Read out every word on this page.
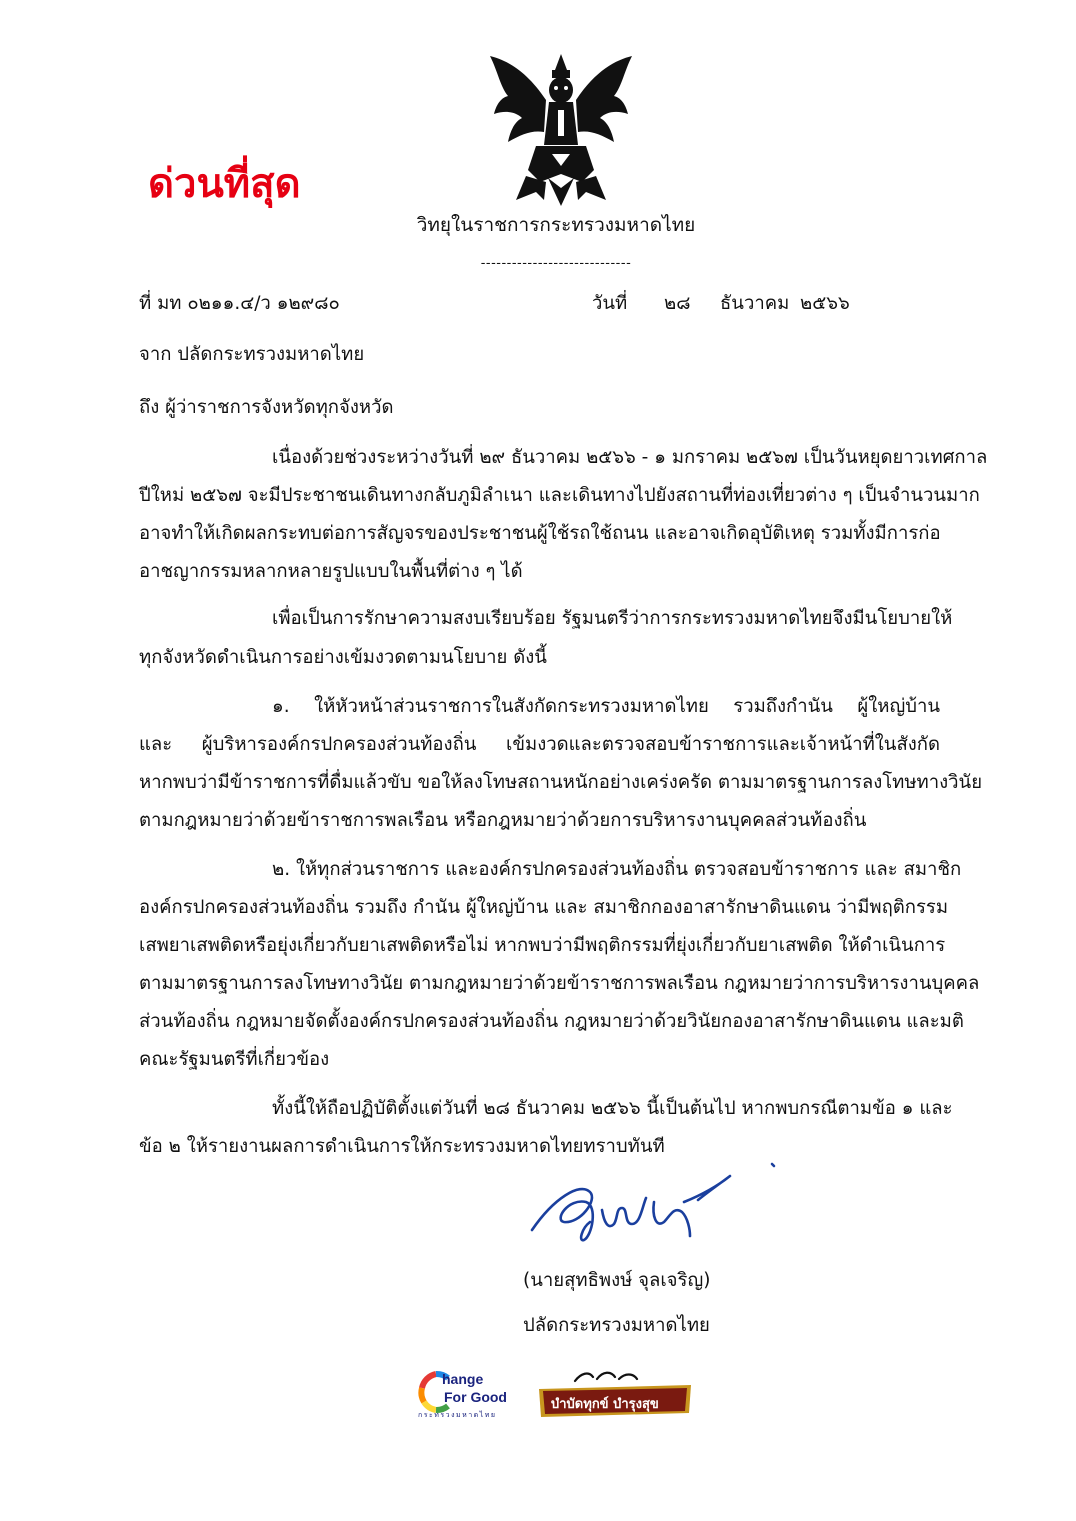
ด่วนที่สุด
วิทยุในราชการกระทรวงมหาดไทย
-----------------------------
ที่ มท ๐๒๑๑.๔/ว ๑๒๙๘๐	วันที่ ๒๘ ธันวาคม ๒๕๖๖
จาก ปลัดกระทรวงมหาดไทย
ถึง ผู้ว่าราชการจังหวัดทุกจังหวัด
เนื่องด้วยช่วงระหว่างวันที่ ๒๙ ธันวาคม ๒๕๖๖ - ๑ มกราคม ๒๕๖๗ เป็นวันหยุดยาวเทศกาล
ปีใหม่ ๒๕๖๗ จะมีประชาชนเดินทางกลับภูมิลำเนา และเดินทางไปยังสถานที่ท่องเที่ยวต่าง ๆ เป็นจำนวนมาก
อาจทำให้เกิดผลกระทบต่อการสัญจรของประชาชนผู้ใช้รถใช้ถนน และอาจเกิดอุบัติเหตุ รวมทั้งมีการก่อ
อาชญากรรมหลากหลายรูปแบบในพื้นที่ต่าง ๆ ได้
เพื่อเป็นการรักษาความสงบเรียบร้อย รัฐมนตรีว่าการกระทรวงมหาดไทยจึงมีนโยบายให้
ทุกจังหวัดดำเนินการอย่างเข้มงวดตามนโยบาย ดังนี้
๑. ให้หัวหน้าส่วนราชการในสังกัดกระทรวงมหาดไทย รวมถึงกำนัน ผู้ใหญ่บ้าน
และ ผู้บริหารองค์กรปกครองส่วนท้องถิ่น เข้มงวดและตรวจสอบข้าราชการและเจ้าหน้าที่ในสังกัด
หากพบว่ามีข้าราชการที่ดื่มแล้วขับ ขอให้ลงโทษสถานหนักอย่างเคร่งครัด ตามมาตรฐานการลงโทษทางวินัย
ตามกฎหมายว่าด้วยข้าราชการพลเรือน หรือกฎหมายว่าด้วยการบริหารงานบุคคลส่วนท้องถิ่น
๒. ให้ทุกส่วนราชการ และองค์กรปกครองส่วนท้องถิ่น ตรวจสอบข้าราชการ และ สมาชิก
องค์กรปกครองส่วนท้องถิ่น รวมถึง กำนัน ผู้ใหญ่บ้าน และ สมาชิกกองอาสารักษาดินแดน ว่ามีพฤติกรรม
เสพยาเสพติดหรือยุ่งเกี่ยวกับยาเสพติดหรือไม่ หากพบว่ามีพฤติกรรมที่ยุ่งเกี่ยวกับยาเสพติด ให้ดำเนินการ
ตามมาตรฐานการลงโทษทางวินัย ตามกฎหมายว่าด้วยข้าราชการพลเรือน กฎหมายว่าการบริหารงานบุคคล
ส่วนท้องถิ่น กฎหมายจัดตั้งองค์กรปกครองส่วนท้องถิ่น กฎหมายว่าด้วยวินัยกองอาสารักษาดินแดน และมติ
คณะรัฐมนตรีที่เกี่ยวข้อง
ทั้งนี้ให้ถือปฏิบัติตั้งแต่วันที่ ๒๘ ธันวาคม ๒๕๖๖ นี้เป็นต้นไป หากพบกรณีตามข้อ ๑ และ
ข้อ ๒ ให้รายงานผลการดำเนินการให้กระทรวงมหาดไทยทราบทันที
(นายสุทธิพงษ์ จุลเจริญ)
ปลัดกระทรวงมหาดไทย
hange
For Good
กระทรวงมหาดไทย
บำบัดทุกข์ บำรุงสุข
